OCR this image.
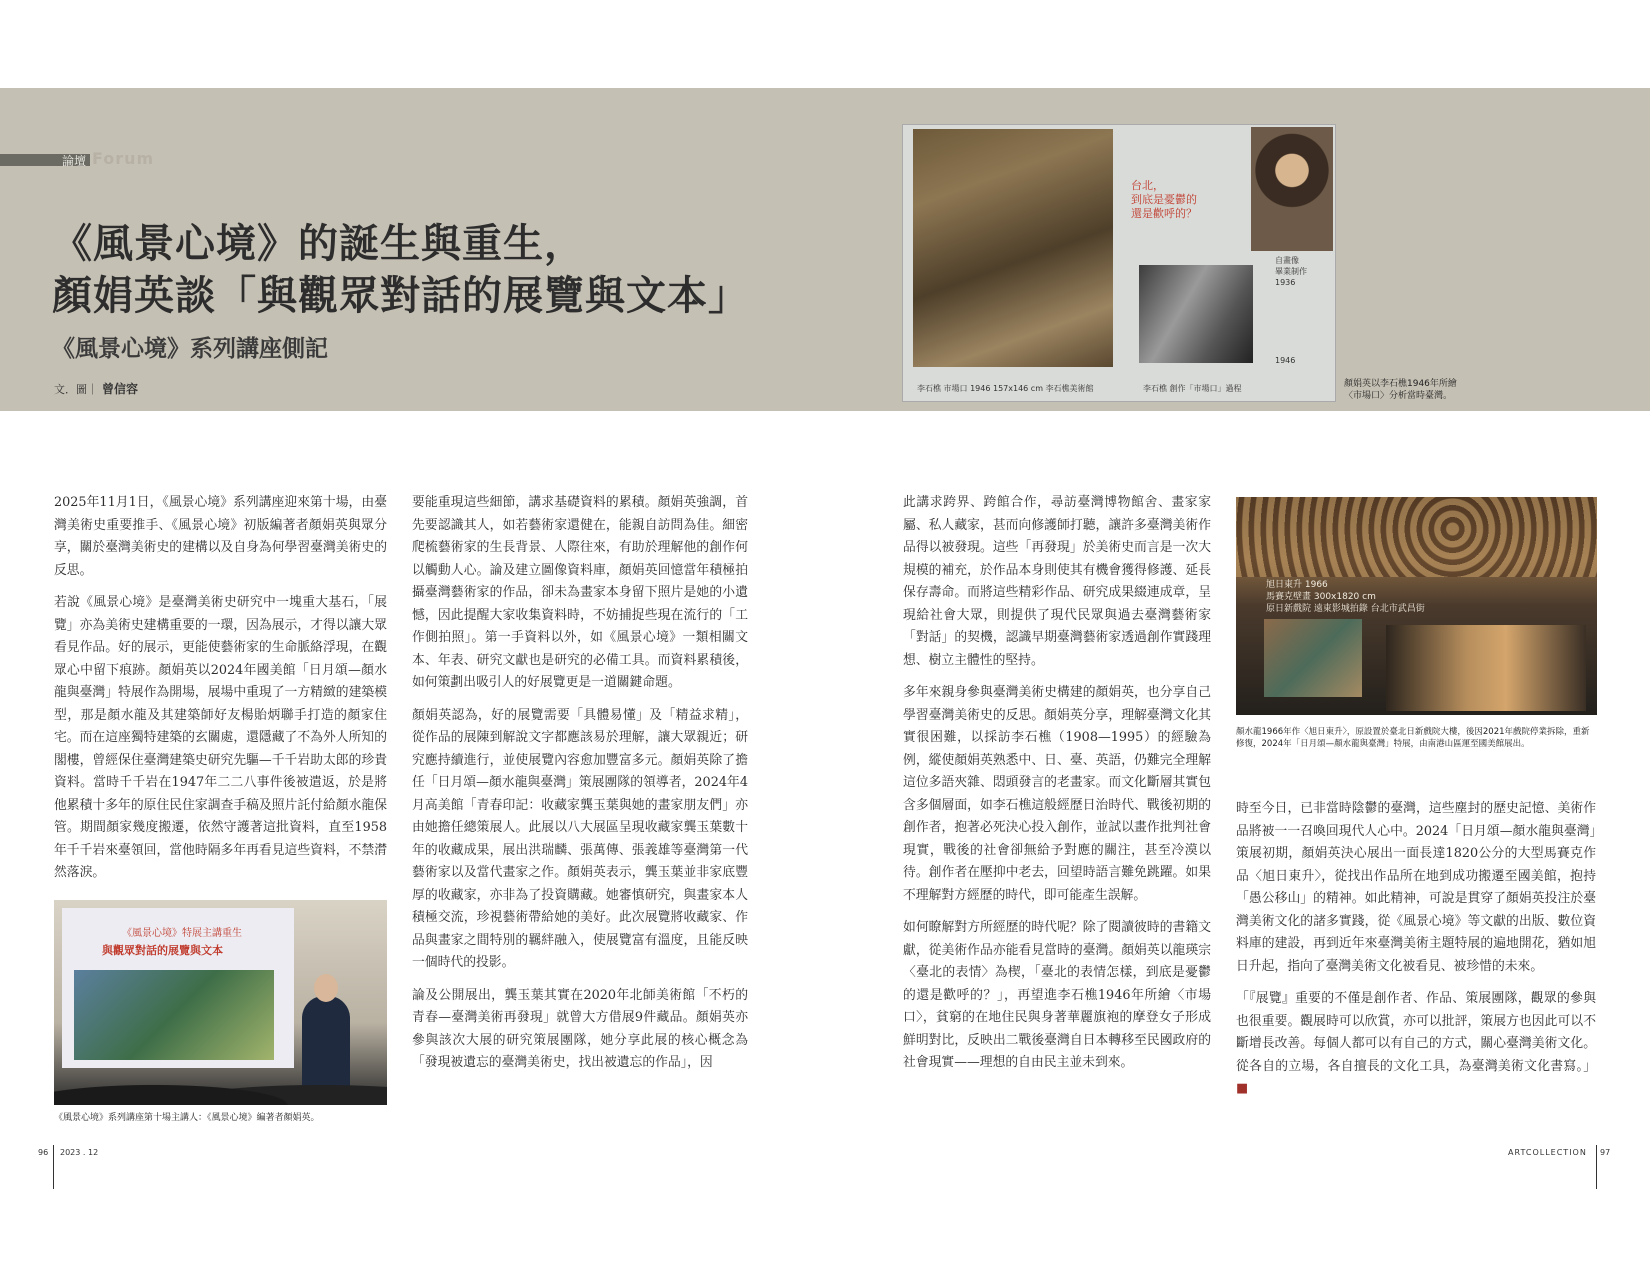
論壇 Forum
《風景心境》的誕生與重生，
顏娟英談「與觀眾對話的展覽與文本」
《風景心境》系列講座側記
文．圖｜ 曾信容
台北，
到底是憂鬱的
還是歡呼的？
自畫像
畢業制作
1936
1946
李石樵 市場口 1946 157x146 cm 李石樵美術館	李石樵 創作「市場口」過程	顏娟英以李石樵1946年所繪〈市場口〉分析當時臺灣。

2025年11月1日，《風景心境》系列講座迎來第十場，由臺灣美術史重要推手、《風景心境》初版編著者顏娟英與眾分享，關於臺灣美術史的建構以及自身為何學習臺灣美術史的反思。

若說《風景心境》是臺灣美術史研究中一塊重大基石，「展覽」亦為美術史建構重要的一環，因為展示，才得以讓大眾看見作品。好的展示，更能使藝術家的生命脈絡浮現，在觀眾心中留下痕跡。顏娟英以2024年國美館「日月頌—顏水龍與臺灣」特展作為開場，展場中重現了一方精緻的建築模型，那是顏水龍及其建築師好友楊貽炳聯手打造的顏家住宅。而在這座獨特建築的玄關處，還隱藏了不為外人所知的閣樓，曾經保住臺灣建築史研究先驅—千千岩助太郎的珍貴資料。當時千千岩在1947年二二八事件後被遣返，於是將他累積十多年的原住民住家調查手稿及照片託付給顏水龍保管。期間顏家幾度搬遷，依然守護著這批資料，直至1958年千千岩來臺領回，當他時隔多年再看見這些資料，不禁潸然落淚。

要能重現這些細節，講求基礎資料的累積。顏娟英強調，首先要認識其人，如若藝術家還健在，能親自訪問為佳。細密爬梳藝術家的生長背景、人際往來，有助於理解他的創作何以觸動人心。論及建立圖像資料庫，顏娟英回憶當年積極拍攝臺灣藝術家的作品，卻未為畫家本身留下照片是她的小遺憾，因此提醒大家收集資料時，不妨捕捉些現在流行的「工作側拍照」。第一手資料以外，如《風景心境》一類相關文本、年表、研究文獻也是研究的必備工具。而資料累積後，如何策劃出吸引人的好展覽更是一道關鍵命題。

顏娟英認為，好的展覽需要「具體易懂」及「精益求精」，從作品的展陳到解說文字都應該易於理解，讓大眾親近；研究應持續進行，並使展覽內容愈加豐富多元。顏娟英除了擔任「日月頌—顏水龍與臺灣」策展團隊的領導者，2024年4月高美館「青春印記：收藏家龔玉葉與她的畫家朋友們」亦由她擔任總策展人。此展以八大展區呈現收藏家龔玉葉數十年的收藏成果，展出洪瑞麟、張萬傳、張義雄等臺灣第一代藝術家以及當代畫家之作。顏娟英表示，龔玉葉並非家底豐厚的收藏家，亦非為了投資購藏。她審慎研究，與畫家本人積極交流，珍視藝術帶給她的美好。此次展覽將收藏家、作品與畫家之間特別的羈絆融入，使展覽富有溫度，且能反映一個時代的投影。

論及公開展出，龔玉葉其實在2020年北師美術館「不朽的青春—臺灣美術再發現」就曾大方借展9件藏品。顏娟英亦參與該次大展的研究策展團隊，她分享此展的核心概念為「發現被遺忘的臺灣美術史，找出被遺忘的作品」，因

此講求跨界、跨館合作，尋訪臺灣博物館舍、畫家家屬、私人藏家，甚而向修護師打聽，讓許多臺灣美術作品得以被發現。這些「再發現」於美術史而言是一次大規模的補充，於作品本身則使其有機會獲得修護、延長保存壽命。而將這些精彩作品、研究成果綴連成章，呈現給社會大眾，則提供了現代民眾與過去臺灣藝術家「對話」的契機，認識早期臺灣藝術家透過創作實踐理想、樹立主體性的堅持。

多年來親身參與臺灣美術史構建的顏娟英，也分享自己學習臺灣美術史的反思。顏娟英分享，理解臺灣文化其實很困難，以採訪李石樵（1908—1995）的經驗為例，縱使顏娟英熟悉中、日、臺、英語，仍難完全理解這位多語夾雜、悶頭發言的老畫家。而文化斷層其實包含多個層面，如李石樵這般經歷日治時代、戰後初期的創作者，抱著必死決心投入創作，並試以畫作批判社會現實，戰後的社會卻無給予對應的關注，甚至冷漠以待。創作者在壓抑中老去，回望時語言難免跳躍。如果不理解對方經歷的時代，即可能產生誤解。

如何瞭解對方所經歷的時代呢？除了閱讀彼時的書籍文獻，從美術作品亦能看見當時的臺灣。顏娟英以龍瑛宗〈臺北的表情〉為楔，「臺北的表情怎樣，到底是憂鬱的還是歡呼的？」，再望進李石樵1946年所繪〈市場口〉，貧窮的在地住民與身著華麗旗袍的摩登女子形成鮮明對比，反映出二戰後臺灣自日本轉移至民國政府的社會現實——理想的自由民主並未到來。

時至今日，已非當時陰鬱的臺灣，這些塵封的歷史記憶、美術作品將被一一召喚回現代人心中。2024「日月頌—顏水龍與臺灣」策展初期，顏娟英決心展出一面長達1820公分的大型馬賽克作品〈旭日東升〉，從找出作品所在地到成功搬遷至國美館，抱持「愚公移山」的精神。如此精神，可說是貫穿了顏娟英投注於臺灣美術文化的諸多實踐，從《風景心境》等文獻的出版、數位資料庫的建設，再到近年來臺灣美術主題特展的遍地開花，猶如旭日升起，指向了臺灣美術文化被看見、被珍惜的未來。

「『展覽』重要的不僅是創作者、作品、策展團隊，觀眾的參與也很重要。觀展時可以欣賞，亦可以批評，策展方也因此可以不斷增長改善。每個人都可以有自己的方式，關心臺灣美術文化。從各自的立場，各自擅長的文化工具，為臺灣美術文化書寫。」■

《風景心境》特展主講重生
與觀眾對話的展覽與文本
《風景心境》系列講座第十場主講人：《風景心境》編著者顏娟英。
旭日東升 1966
馬賽克壁畫 300x1820 cm
原日新戲院 遠東影城拍錄 台北市武昌街
顏水龍1966年作〈旭日東升〉，原設置於臺北日新戲院大樓，後因2021年戲院停業拆除，重新修復，2024年「日月頌—顏水龍與臺灣」特展，由南港山區運至國美館展出。
96 2023 . 12	ARTCOLLECTION 97
